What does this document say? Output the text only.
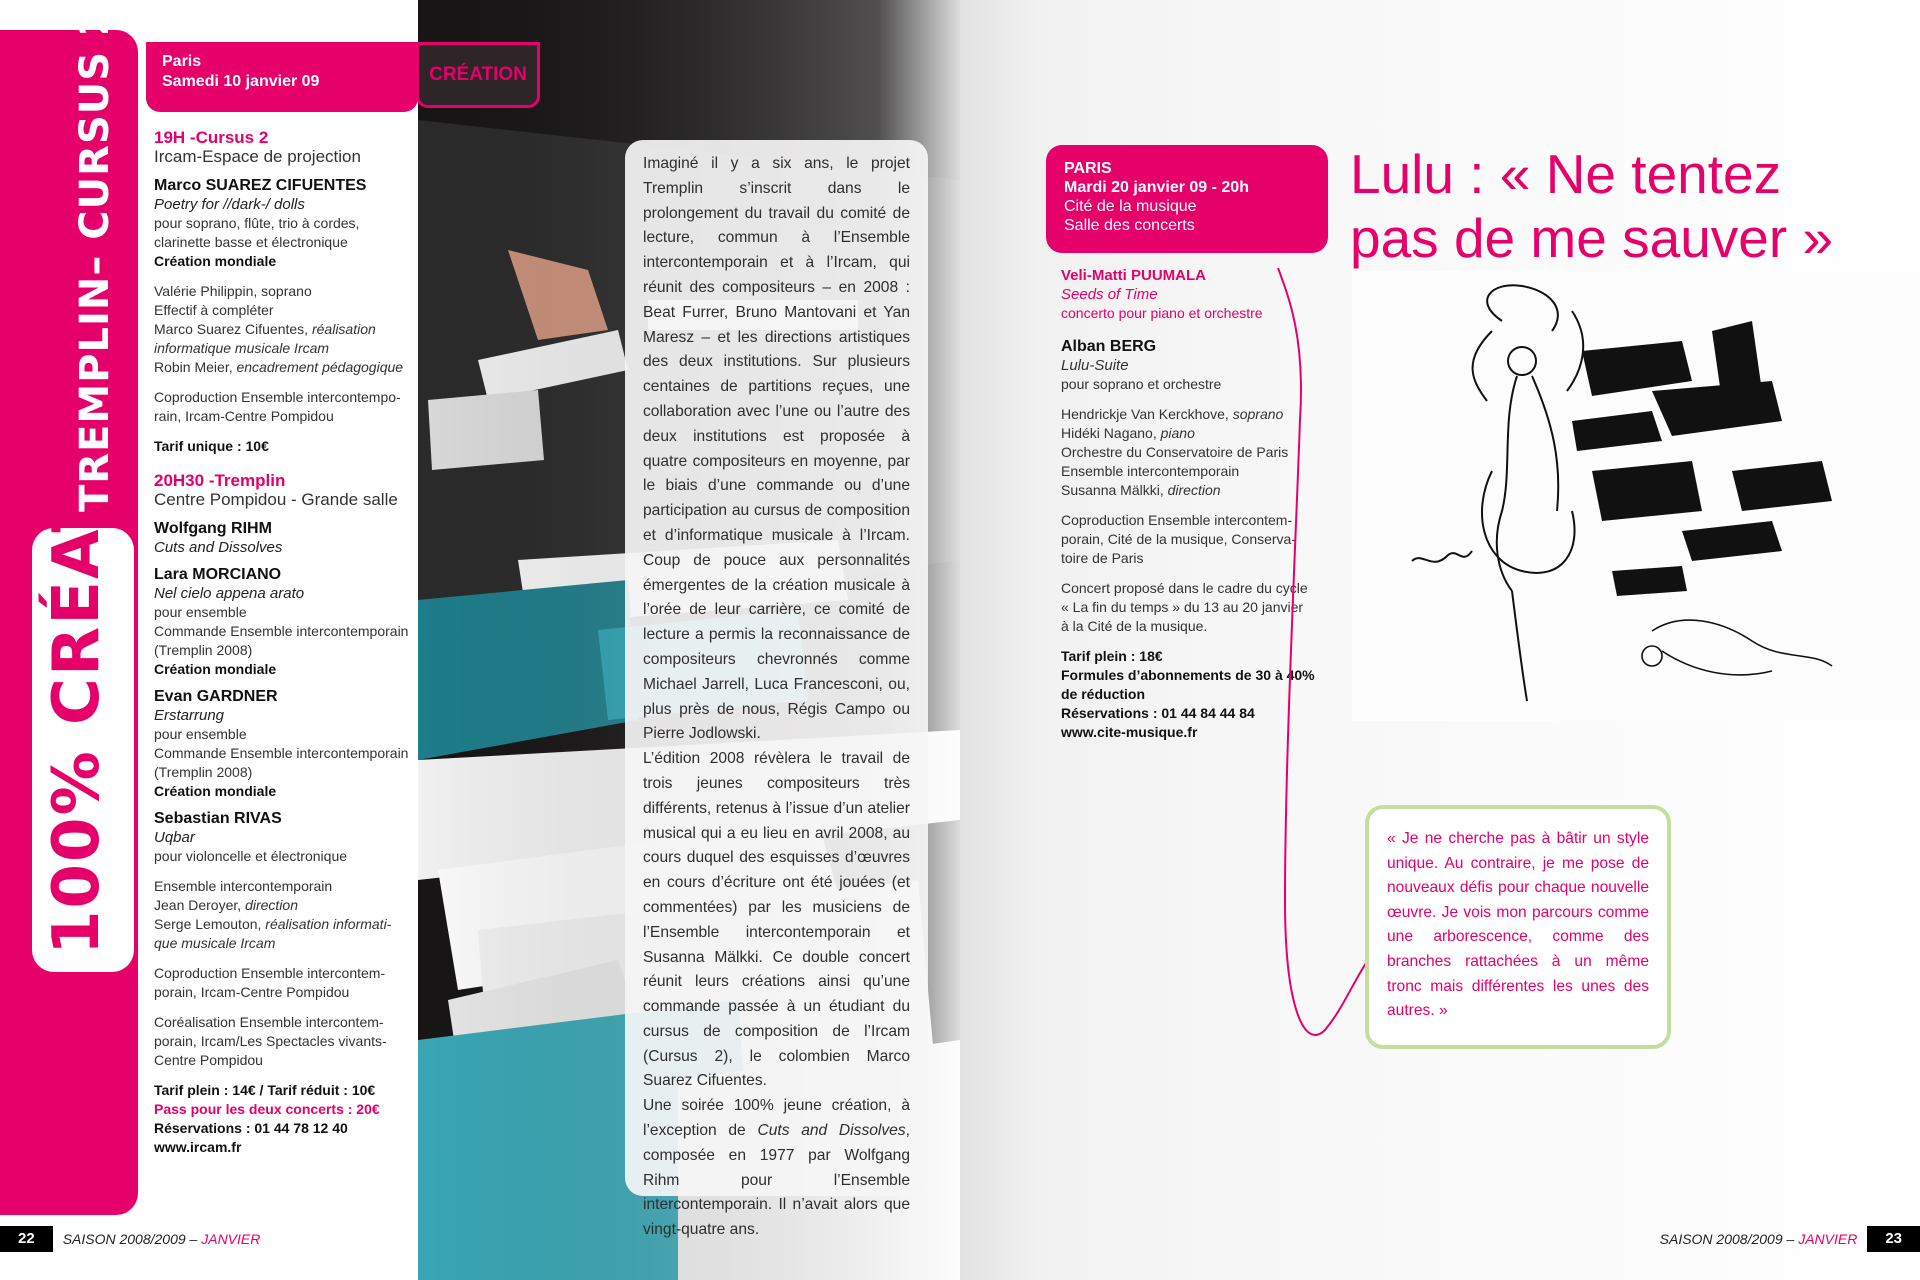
100% CRÉATION
TREMPLIN– CURSUS 2	Paris
Samedi 10 janvier 09	CRÉATION
19H -Cursus 2
Ircam-Espace de projection
Marco SUAREZ CIFUENTES
Poetry for //dark-/ dolls
pour soprano, flûte, trio à cordes,
clarinette basse et électronique
Création mondiale
Valérie Philippin, soprano
Effectif à compléter
Marco Suarez Cifuentes, réalisation
informatique musicale Ircam
Robin Meier, encadrement pédagogique
Coproduction Ensemble intercontempo-
rain, Ircam-Centre Pompidou
Tarif unique : 10€
20H30 -Tremplin
Centre Pompidou - Grande salle
Wolfgang RIHM
Cuts and Dissolves
Lara MORCIANO
Nel cielo appena arato
pour ensemble
Commande Ensemble intercontemporain
(Tremplin 2008)
Création mondiale
Evan GARDNER
Erstarrung
pour ensemble
Commande Ensemble intercontemporain
(Tremplin 2008)
Création mondiale
Sebastian RIVAS
Uqbar
pour violoncelle et électronique
Ensemble intercontemporain
Jean Deroyer, direction
Serge Lemouton, réalisation informati-
que musicale Ircam
Coproduction Ensemble intercontem-
porain, Ircam-Centre Pompidou
Coréalisation Ensemble intercontem-
porain, Ircam/Les Spectacles vivants-
Centre Pompidou
Tarif plein : 14€ / Tarif réduit : 10€
Pass pour les deux concerts : 20€
Réservations : 01 44 78 12 40
www.ircam.fr

Imaginé il y a six ans, le projet Tremplin s’inscrit dans le prolongement du travail du comité de lecture, commun à l’Ensemble intercontemporain et à l’Ircam, qui réunit des compositeurs – en 2008 : Beat Furrer, Bruno Mantovani et Yan Maresz – et les directions artistiques des deux institutions. Sur plusieurs centaines de partitions reçues, une collaboration avec l’une ou l’autre des deux institutions est proposée à quatre compositeurs en moyenne, par le biais d’une commande ou d’une participation au cursus de composition et d’informatique musicale à l’Ircam. Coup de pouce aux personnalités émergentes de la création musicale à l’orée de leur carrière, ce comité de lecture a permis la reconnaissance de compositeurs chevronnés comme Michael Jarrell, Luca Francesconi, ou, plus près de nous, Régis Campo ou Pierre Jodlowski.

L’édition 2008 révèlera le travail de trois jeunes compositeurs très différents, retenus à l’issue d’un atelier musical qui a eu lieu en avril 2008, au cours duquel des esquisses d’œuvres en cours d’écriture ont été jouées (et commentées) par les musiciens de l’Ensemble intercontemporain et Susanna Mälkki. Ce double concert réunit leurs créations ainsi qu’une commande passée à un étudiant du cursus de composition de l’Ircam (Cursus 2), le colombien Marco Suarez Cifuentes.

Une soirée 100% jeune création, à l’exception de Cuts and Dissolves, composée en 1977 par Wolfgang Rihm pour l’Ensemble intercontemporain. Il n’avait alors que vingt-quatre ans.

22	SAISON 2008/2009 – JANVIER
PARIS
Mardi 20 janvier 09 - 20h
Cité de la musique
Salle des concerts
Lulu : « Ne tentez
pas de me sauver »
Veli-Matti PUUMALA
Seeds of Time
concerto pour piano et orchestre
Alban BERG
Lulu-Suite
pour soprano et orchestre
Hendrickje Van Kerckhove, soprano
Hidéki Nagano, piano
Orchestre du Conservatoire de Paris
Ensemble intercontemporain
Susanna Mälkki, direction
Coproduction Ensemble intercontem-
porain, Cité de la musique, Conserva-
toire de Paris
Concert proposé dans le cadre du cycle
« La fin du temps » du 13 au 20 janvier
à la Cité de la musique.
Tarif plein : 18€
Formules d’abonnements de 30 à 40%
de réduction
Réservations : 01 44 84 44 84
www.cite-musique.fr
« Je ne cherche pas à bâtir un style unique. Au contraire, je me pose de nouveaux défis pour chaque nouvelle œuvre. Je vois mon parcours comme une arborescence, comme des branches rattachées à un même tronc mais différentes les unes des autres. »
SAISON 2008/2009 – JANVIER	23
